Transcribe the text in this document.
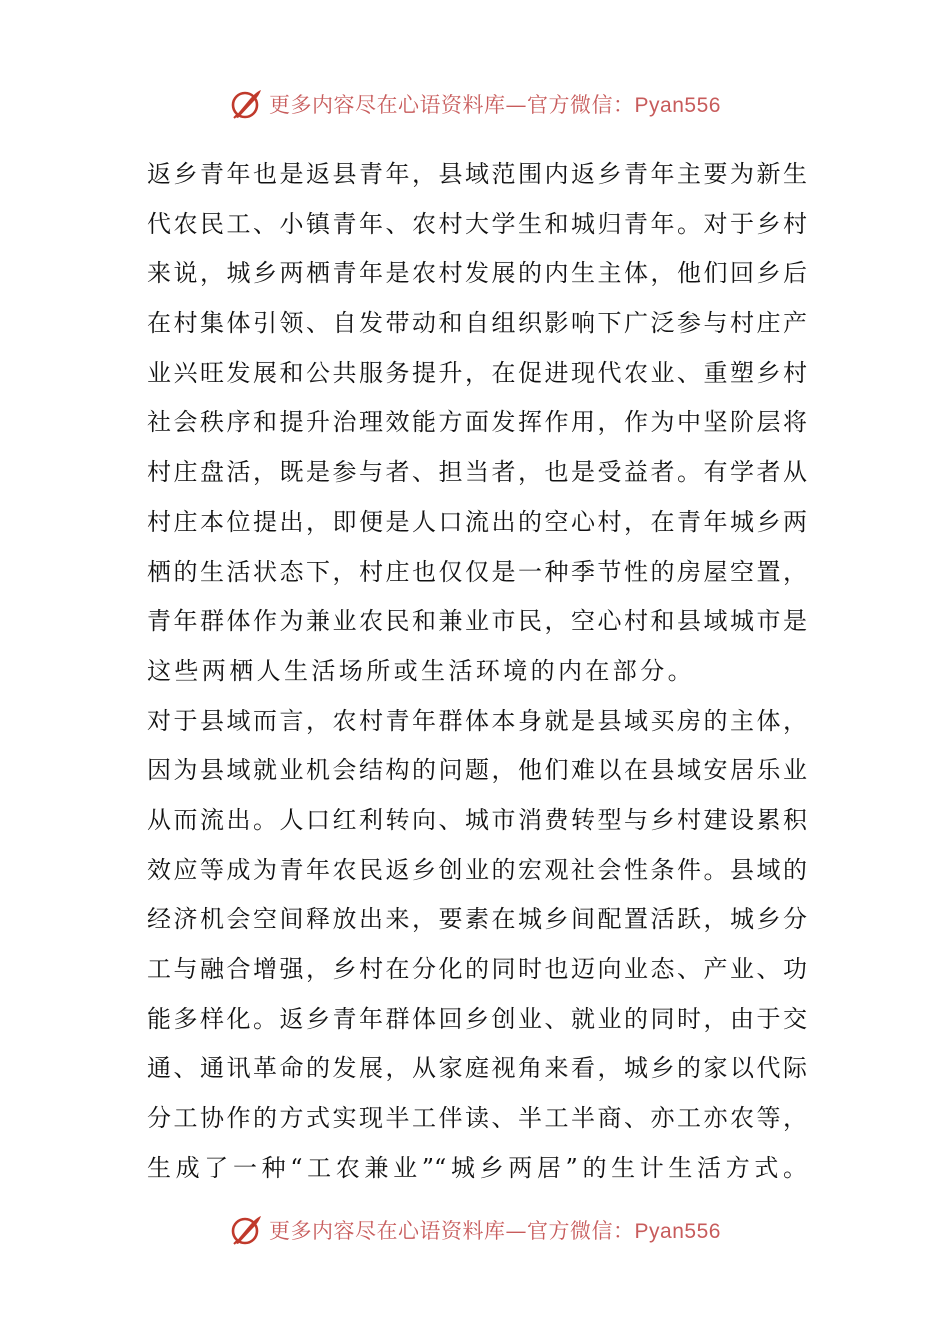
更多内容尽在心语资料库—官方微信：Pyan556
返乡青年也是返县青年，县域范围内返乡青年主要为新生
代农民工、小镇青年、农村大学生和城归青年。对于乡村
来说，城乡两栖青年是农村发展的内生主体，他们回乡后
在村集体引领、自发带动和自组织影响下广泛参与村庄产
业兴旺发展和公共服务提升，在促进现代农业、重塑乡村
社会秩序和提升治理效能方面发挥作用，作为中坚阶层将
村庄盘活，既是参与者、担当者，也是受益者。有学者从
村庄本位提出，即便是人口流出的空心村，在青年城乡两
栖的生活状态下，村庄也仅仅是一种季节性的房屋空置，
青年群体作为兼业农民和兼业市民，空心村和县域城市是
这些两栖人生活场所或生活环境的内在部分。
对于县域而言，农村青年群体本身就是县域买房的主体，
因为县域就业机会结构的问题，他们难以在县域安居乐业
从而流出。人口红利转向、城市消费转型与乡村建设累积
效应等成为青年农民返乡创业的宏观社会性条件。县域的
经济机会空间释放出来，要素在城乡间配置活跃，城乡分
工与融合增强，乡村在分化的同时也迈向业态、产业、功
能多样化。返乡青年群体回乡创业、就业的同时，由于交
通、通讯革命的发展，从家庭视角来看，城乡的家以代际
分工协作的方式实现半工伴读、半工半商、亦工亦农等，
生成了一种“工农兼业”“城乡两居”的生计生活方式。
更多内容尽在心语资料库—官方微信：Pyan556
